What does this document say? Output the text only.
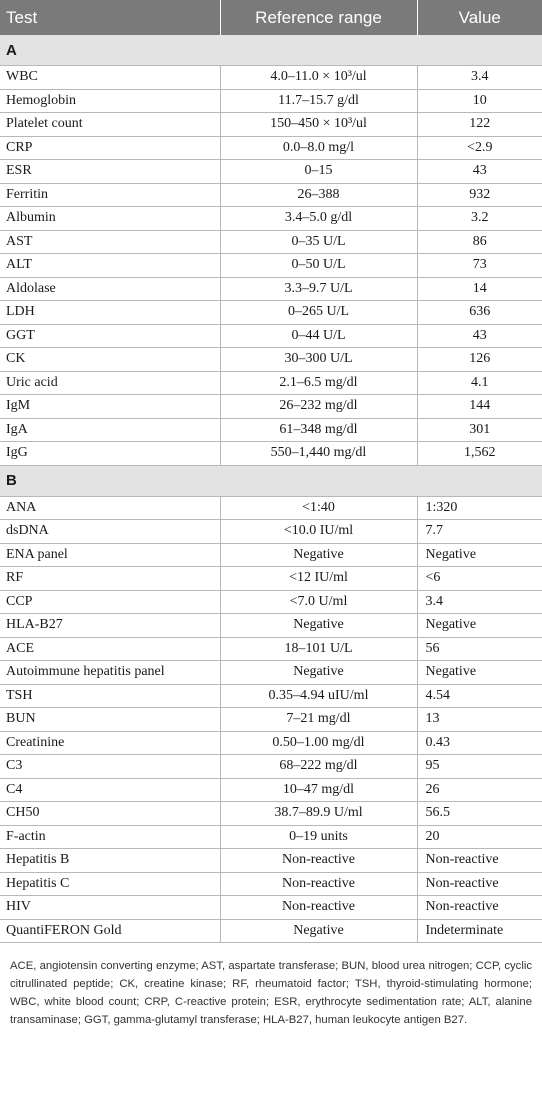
Test	Reference range	Value
A		
WBC	4.0–11.0 × 10³/ul	3.4
Hemoglobin	11.7–15.7 g/dl	10
Platelet count	150–450 × 10³/ul	122
CRP	0.0–8.0 mg/l	<2.9
ESR	0–15	43
Ferritin	26–388	932
Albumin	3.4–5.0 g/dl	3.2
AST	0–35 U/L	86
ALT	0–50 U/L	73
Aldolase	3.3–9.7 U/L	14
LDH	0–265 U/L	636
GGT	0–44 U/L	43
CK	30–300 U/L	126
Uric acid	2.1–6.5 mg/dl	4.1
IgM	26–232 mg/dl	144
IgA	61–348 mg/dl	301
IgG	550–1,440 mg/dl	1,562
B		
ANA	<1:40	1:320
dsDNA	<10.0 IU/ml	7.7
ENA panel	Negative	Negative
RF	<12 IU/ml	<6
CCP	<7.0 U/ml	3.4
HLA-B27	Negative	Negative
ACE	18–101 U/L	56
Autoimmune hepatitis panel	Negative	Negative
TSH	0.35–4.94 uIU/ml	4.54
BUN	7–21 mg/dl	13
Creatinine	0.50–1.00 mg/dl	0.43
C3	68–222 mg/dl	95
C4	10–47 mg/dl	26
CH50	38.7–89.9 U/ml	56.5
F-actin	0–19 units	20
Hepatitis B	Non-reactive	Non-reactive
Hepatitis C	Non-reactive	Non-reactive
HIV	Non-reactive	Non-reactive
QuantiFERON Gold	Negative	Indeterminate

ACE, angiotensin converting enzyme; AST, aspartate transferase; BUN, blood urea nitrogen; CCP, cyclic citrullinated peptide; CK, creatine kinase; RF, rheumatoid factor; TSH, thyroid-stimulating hormone; WBC, white blood count; CRP, C-reactive protein; ESR, erythrocyte sedimentation rate; ALT, alanine transaminase; GGT, gamma-glutamyl transferase; HLA-B27, human leukocyte antigen B27.
